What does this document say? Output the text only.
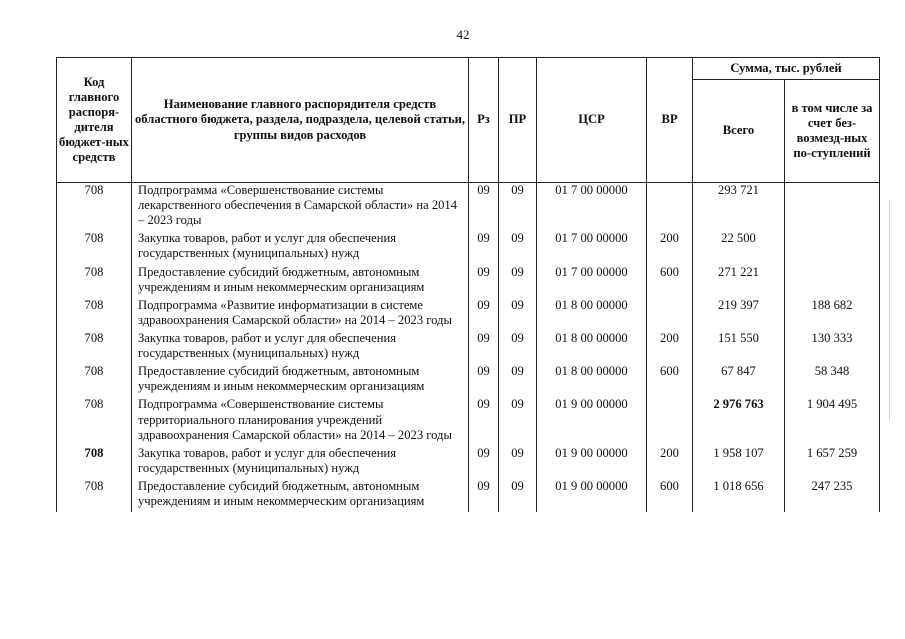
42
Код главного распоря-дителя бюджет-ных средств	Наименование главного распорядителя средств областного бюджета, раздела, подраздела, целевой статьи, группы видов расходов	Рз	ПР	ЦСР	ВР	Сумма, тыс. рублей	
						Всего	в том числе за счет без-возмезд-ных по-ступлений
708	Подпрограмма «Совершенствование системы лекарственного обеспечения в Самарской области» на 2014 – 2023 годы	09	09	01 7 00 00000		293 721	
708	Закупка товаров, работ и услуг для обеспечения государственных (муниципальных) нужд	09	09	01 7 00 00000	200	22 500	
708	Предоставление субсидий бюджетным, автономным учреждениям и иным некоммерческим организациям	09	09	01 7 00 00000	600	271 221	
708	Подпрограмма «Развитие информатизации в системе здравоохранения Самарской области» на 2014 – 2023 годы	09	09	01 8 00 00000		219 397	188 682
708	Закупка товаров, работ и услуг для обеспечения государственных (муниципальных) нужд	09	09	01 8 00 00000	200	151 550	130 333
708	Предоставление субсидий бюджетным, автономным учреждениям и иным некоммерческим организациям	09	09	01 8 00 00000	600	67 847	58 348
708	Подпрограмма «Совершенствование системы территориального планирования учреждений здравоохранения Самарской области» на 2014 – 2023 годы	09	09	01 9 00 00000		2 976 763	1 904 495
708	Закупка товаров, работ и услуг для обеспечения государственных (муниципальных) нужд	09	09	01 9 00 00000	200	1 958 107	1 657 259
708	Предоставление субсидий бюджетным, автономным учреждениям и иным некоммерческим организациям	09	09	01 9 00 00000	600	1 018 656	247 235
